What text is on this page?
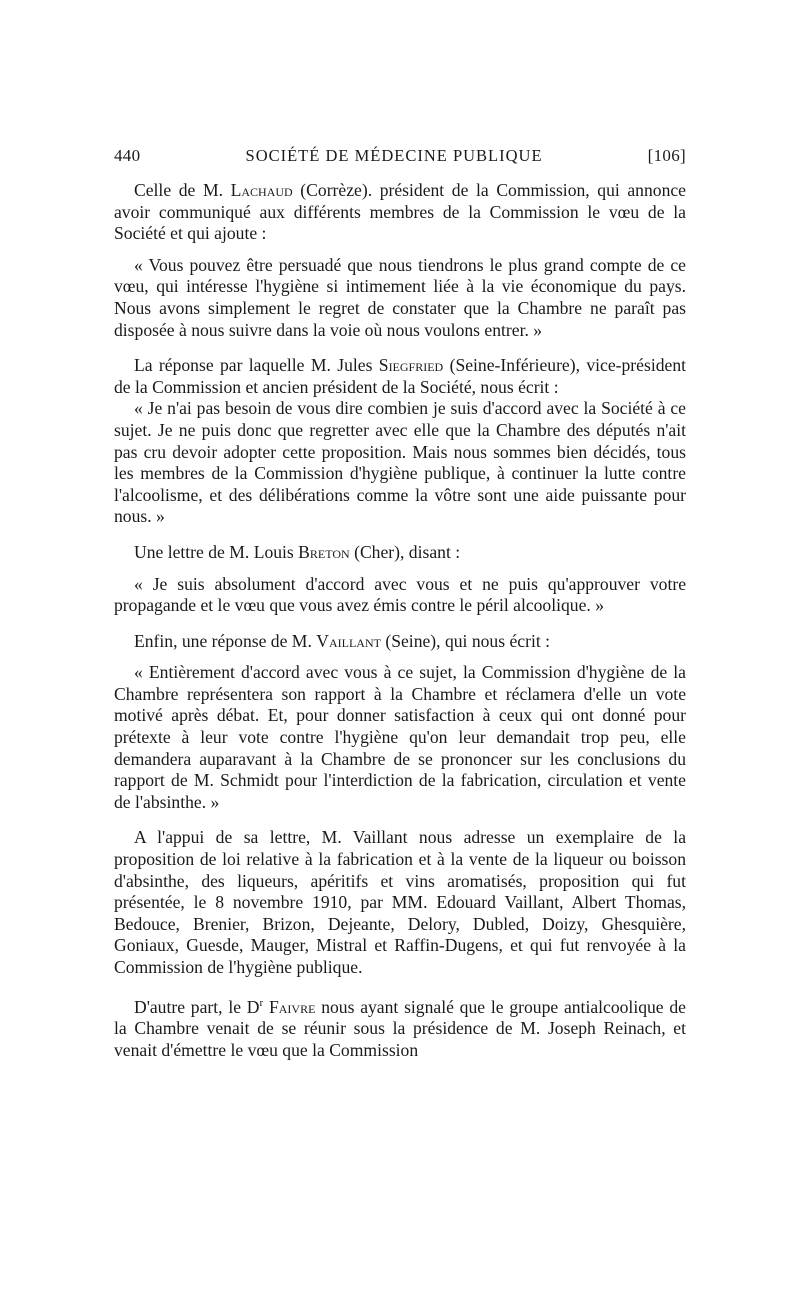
440	SOCIÉTÉ DE MÉDECINE PUBLIQUE	[106]

Celle de M. Lachaud (Corrèze). président de la Commission, qui annonce avoir communiqué aux différents membres de la Commission le vœu de la Société et qui ajoute :

« Vous pouvez être persuadé que nous tiendrons le plus grand compte de ce vœu, qui intéresse l'hygiène si intimement liée à la vie économique du pays. Nous avons simplement le regret de constater que la Chambre ne paraît pas disposée à nous suivre dans la voie où nous voulons entrer. »

La réponse par laquelle M. Jules Siegfried (Seine-Inférieure), vice-président de la Commission et ancien président de la Société, nous écrit :

« Je n'ai pas besoin de vous dire combien je suis d'accord avec la Société à ce sujet. Je ne puis donc que regretter avec elle que la Chambre des députés n'ait pas cru devoir adopter cette proposition. Mais nous sommes bien décidés, tous les membres de la Commission d'hygiène publique, à continuer la lutte contre l'alcoolisme, et des délibérations comme la vôtre sont une aide puissante pour nous. »

Une lettre de M. Louis Breton (Cher), disant :

« Je suis absolument d'accord avec vous et ne puis qu'approuver votre propagande et le vœu que vous avez émis contre le péril alcoolique. »

Enfin, une réponse de M. Vaillant (Seine), qui nous écrit :

« Entièrement d'accord avec vous à ce sujet, la Commission d'hygiène de la Chambre représentera son rapport à la Chambre et réclamera d'elle un vote motivé après débat. Et, pour donner satisfaction à ceux qui ont donné pour prétexte à leur vote contre l'hygiène qu'on leur demandait trop peu, elle demandera auparavant à la Chambre de se prononcer sur les conclusions du rapport de M. Schmidt pour l'interdiction de la fabrication, circulation et vente de l'absinthe. »

A l'appui de sa lettre, M. Vaillant nous adresse un exemplaire de la proposition de loi relative à la fabrication et à la vente de la liqueur ou boisson d'absinthe, des liqueurs, apéritifs et vins aromatisés, proposition qui fut présentée, le 8 novembre 1910, par MM. Edouard Vaillant, Albert Thomas, Bedouce, Brenier, Brizon, Dejeante, Delory, Dubled, Doizy, Ghesquière, Goniaux, Guesde, Mauger, Mistral et Raffin-Dugens, et qui fut renvoyée à la Commission de l'hygiène publique.

D'autre part, le $D^r$ Faivre nous ayant signalé que le groupe antialcoolique de la Chambre venait de se réunir sous la présidence de M. Joseph Reinach, et venait d'émettre le vœu que la Commission
